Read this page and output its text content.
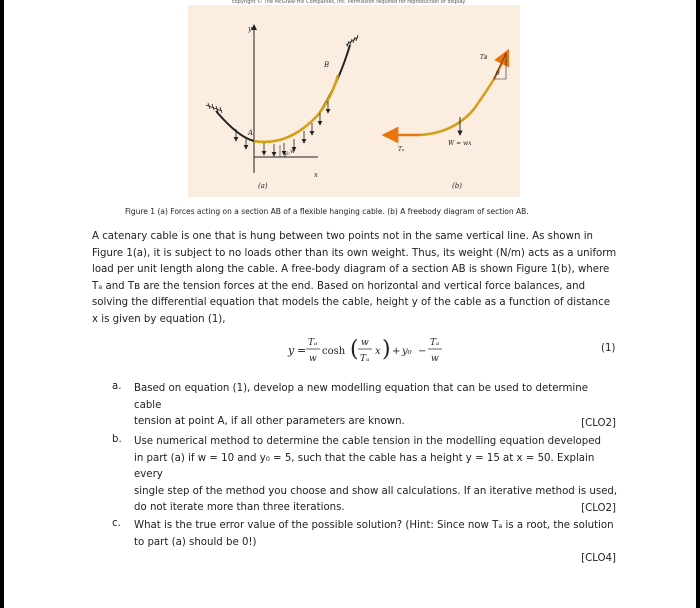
copyright © The McGraw-Hill Companies, Inc. Permission required for reproduction or display.
y
x
A
B
w
y₀
(a)
Tₐ
Tʙ
θ
W = wx
(b)
Figure 1 (a) Forces acting on a section AB of a flexible hanging cable. (b) A freebody diagram of section AB.

A catenary cable is one that is hung between two points not in the same vertical line. As shown in

Figure 1(a), it is subject to no loads other than its own weight. Thus, its weight (N/m) acts as a uniform

load per unit length along the cable. A free-body diagram of a section AB is shown Figure 1(b), where

Tₐ and Tʙ are the tension forces at the end. Based on horizontal and vertical force balances, and

solving the differential equation that models the cable, height y of the cable as a function of distance

x is given by equation (1),

y =
Tₐ
w
cosh ( w
Tₐ
x ) + y₀ −
Tₐ
w
(1)
a. Based on equation (1), develop a new modelling equation that can be used to determine cable
tension at point A, if all other parameters are known.	[CLO2]
b. Use numerical method to determine the cable tension in the modelling equation developed
in part (a) if w = 10 and y₀ = 5, such that the cable has a height y = 15 at x = 50. Explain every
single step of the method you choose and show all calculations. If an iterative method is used,
do not iterate more than three iterations.	[CLO2]
c. What is the true error value of the possible solution? (Hint: Since now Tₐ is a root, the solution
to part (a) should be 0!)
[CLO4]
